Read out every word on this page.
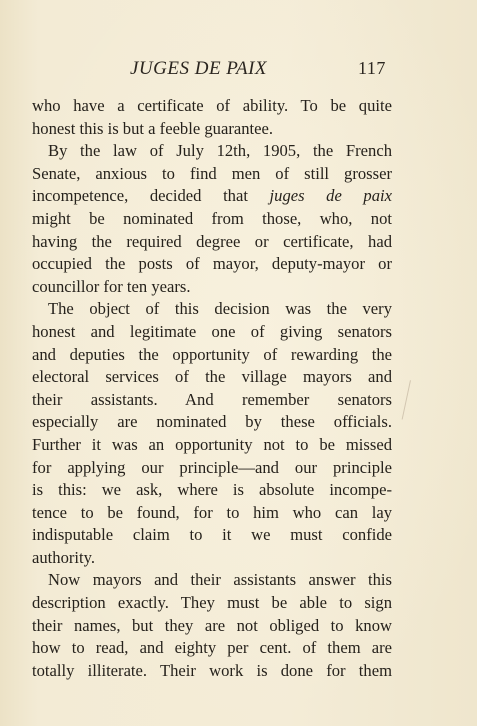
JUGES DE PAIX	117
who have a certificate of ability. To be quite
honest this is but a feeble guarantee.
By the law of July 12th, 1905, the French
Senate, anxious to find men of still grosser
incompetence, decided that juges de paix
might be nominated from those, who, not
having the required degree or certificate, had
occupied the posts of mayor, deputy-mayor or
councillor for ten years.
The object of this decision was the very
honest and legitimate one of giving senators
and deputies the opportunity of rewarding the
electoral services of the village mayors and
their assistants. And remember senators
especially are nominated by these officials.
Further it was an opportunity not to be missed
for applying our principle—and our principle
is this: we ask, where is absolute incompe-
tence to be found, for to him who can lay
indisputable claim to it we must confide
authority.
Now mayors and their assistants answer this
description exactly. They must be able to sign
their names, but they are not obliged to know
how to read, and eighty per cent. of them are
totally illiterate. Their work is done for them
